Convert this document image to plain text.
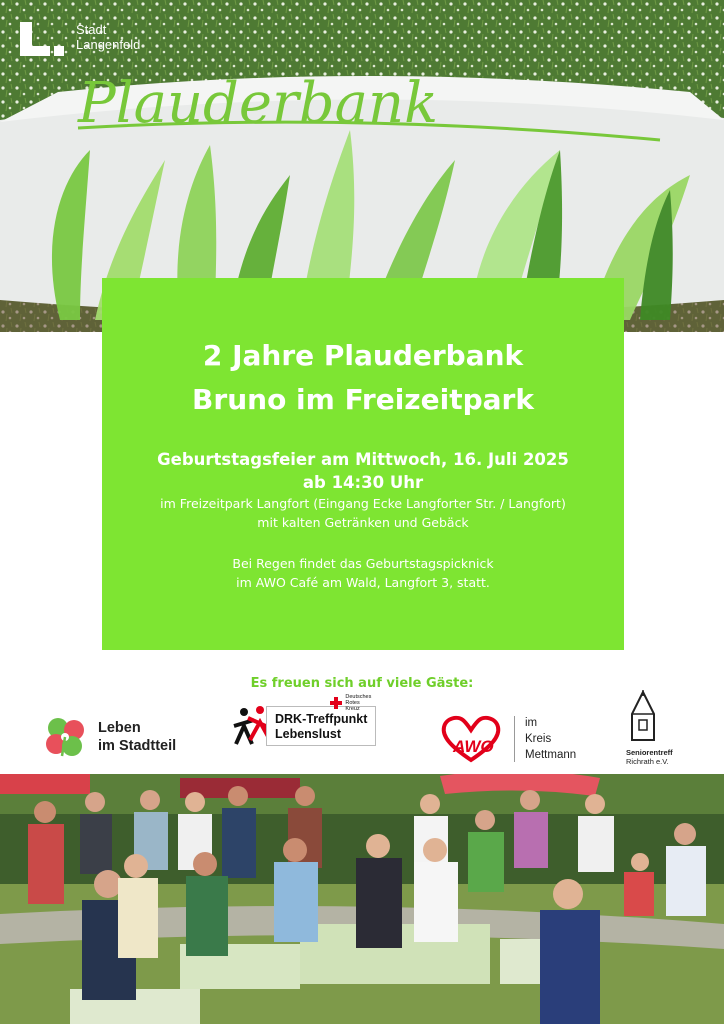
Plauderbank
Stadt
Langenfeld
2 Jahre Plauderbank
Bruno im Freizeitpark
Geburtstagsfeier am Mittwoch, 16. Juli 2025
ab 14:30 Uhr
im Freizeitpark Langfort (Eingang Ecke Langforter Str. / Langfort)
mit kalten Getränken und Gebäck
Bei Regen findet das Geburtstagspicknick
im AWO Café am Wald, Langfort 3, statt.
Es freuen sich auf viele Gäste:
Leben
im Stadtteil
Deutsches
Rotes
Kreuz
DRK-Treffpunkt
Lebenslust
AWO
im
Kreis
Mettmann	Seniorentreff
Richrath e.V.
